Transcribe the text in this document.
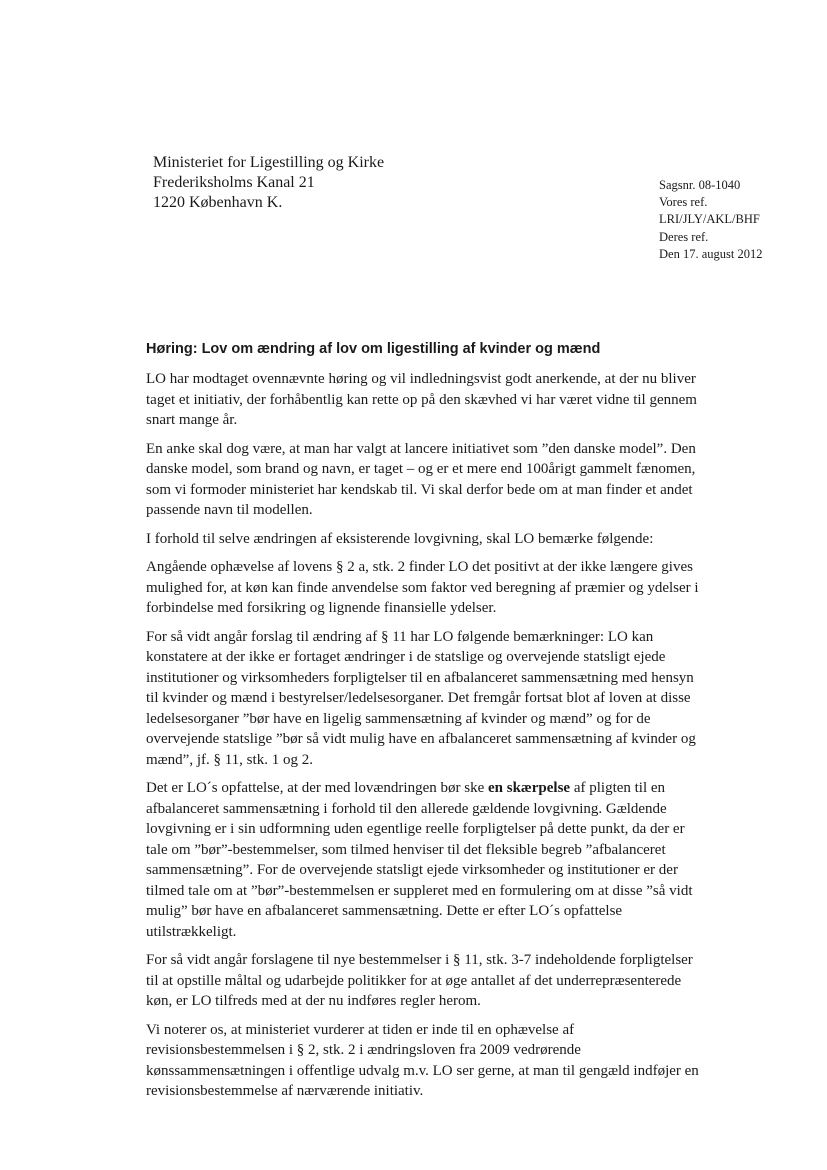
Ministeriet for Ligestilling og Kirke
Frederiksholms Kanal 21
1220 København K.
Sagsnr. 08-1040
Vores ref.
LRI/JLY/AKL/BHF
Deres ref.
Den 17. august 2012
Høring: Lov om ændring af lov om ligestilling af kvinder og mænd

LO har modtaget ovennævnte høring og vil indledningsvist godt anerkende, at der nu bliver taget et initiativ, der forhåbentlig kan rette op på den skævhed vi har været vidne til gennem snart mange år.

En anke skal dog være, at man har valgt at lancere initiativet som ”den danske model”. Den danske model, som brand og navn, er taget – og er et mere end 100årigt gammelt fænomen, som vi formoder ministeriet har kendskab til. Vi skal derfor bede om at man finder et andet passende navn til modellen.

I forhold til selve ændringen af eksisterende lovgivning, skal LO bemærke følgende:

Angående ophævelse af lovens § 2 a, stk. 2 finder LO det positivt at der ikke længere gives mulighed for, at køn kan finde anvendelse som faktor ved beregning af præmier og ydelser i forbindelse med forsikring og lignende finansielle ydelser.

For så vidt angår forslag til ændring af § 11 har LO følgende bemærkninger: LO kan konstatere at der ikke er fortaget ændringer i de statslige og overvejende statsligt ejede institutioner og virksomheders forpligtelser til en afbalanceret sammensætning med hensyn til kvinder og mænd i bestyrelser/ledelsesorganer. Det fremgår fortsat blot af loven at disse ledelsesorganer ”bør have en ligelig sammensætning af kvinder og mænd” og for de overvejende statslige ”bør så vidt mulig have en afbalanceret sammensætning af kvinder og mænd”, jf. § 11, stk. 1 og 2.

Det er LO´s opfattelse, at der med lovændringen bør ske en skærpelse af pligten til en afbalanceret sammensætning i forhold til den allerede gældende lovgivning. Gældende lovgivning er i sin udformning uden egentlige reelle forpligtelser på dette punkt, da der er tale om ”bør”-bestemmelser, som tilmed henviser til det fleksible begreb ”afbalanceret sammensætning”. For de overvejende statsligt ejede virksomheder og institutioner er der tilmed tale om at ”bør”-bestemmelsen er suppleret med en formulering om at disse ”så vidt mulig” bør have en afbalanceret sammensætning. Dette er efter LO´s opfattelse utilstrækkeligt.

For så vidt angår forslagene til nye bestemmelser i § 11, stk. 3-7 indeholdende forpligtelser til at opstille måltal og udarbejde politikker for at øge antallet af det underrepræsenterede køn, er LO tilfreds med at der nu indføres regler herom.

Vi noterer os, at ministeriet vurderer at tiden er inde til en ophævelse af revisionsbestemmelsen i § 2, stk. 2 i ændringsloven fra 2009 vedrørende kønssammensætningen i offentlige udvalg m.v. LO ser gerne, at man til gengæld indføjer en revisionsbestemmelse af nærværende initiativ.
